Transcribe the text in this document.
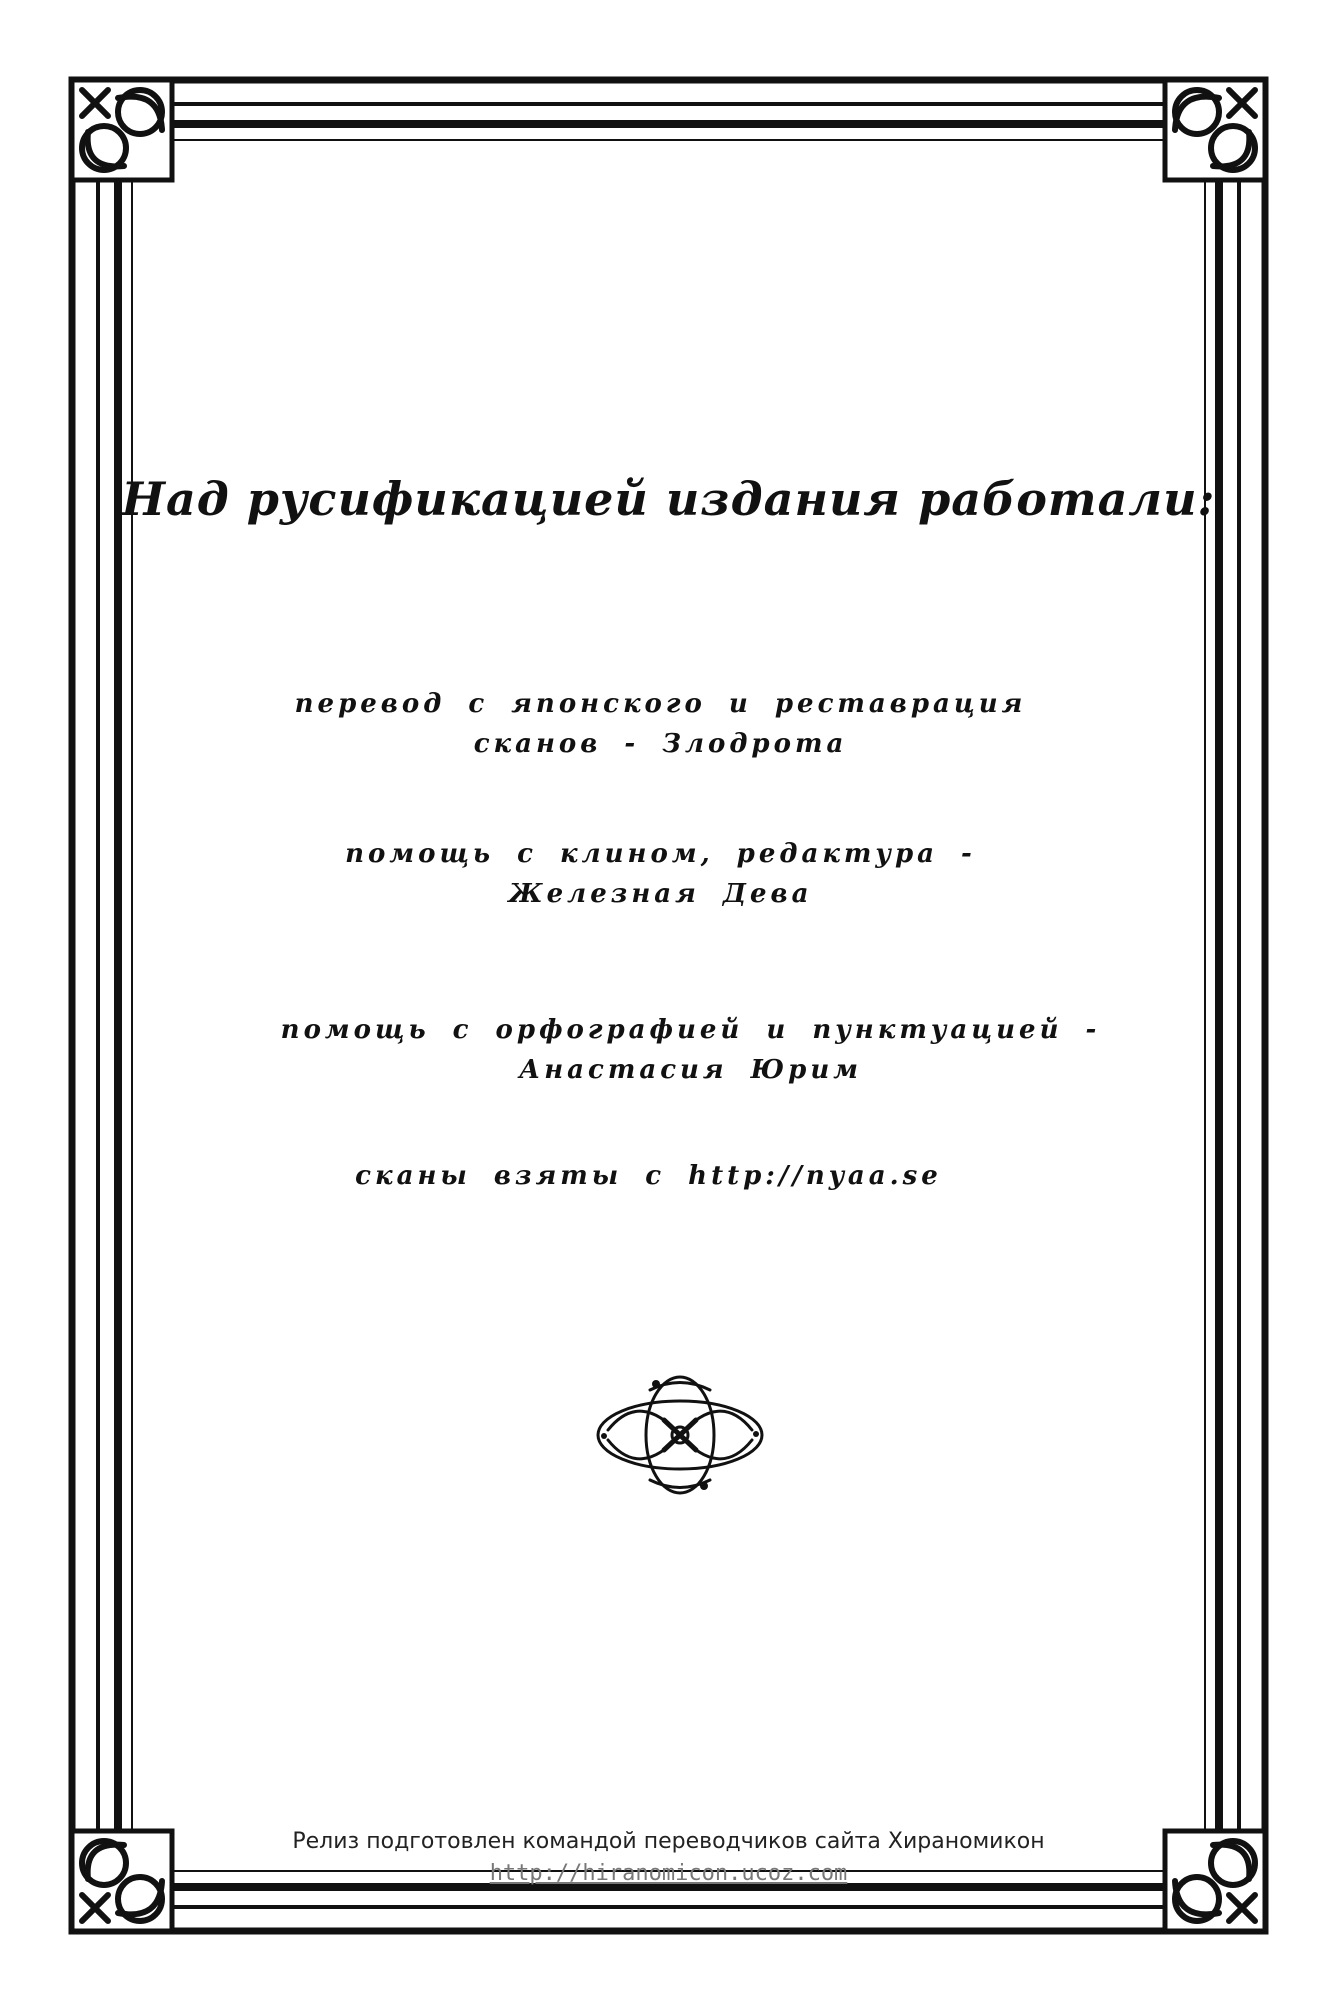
Над русификацией издания работали:
перевод с японского и реставрация
сканов - Злодрота
помощь с клином, редактура -
Железная Дева
помощь с орфографией и пунктуацией -
Анастасия Юрим
сканы взяты с http://nyaa.se
Релиз подготовлен командой переводчиков сайта Хираномикон
http://hiranomicon.ucoz.com
